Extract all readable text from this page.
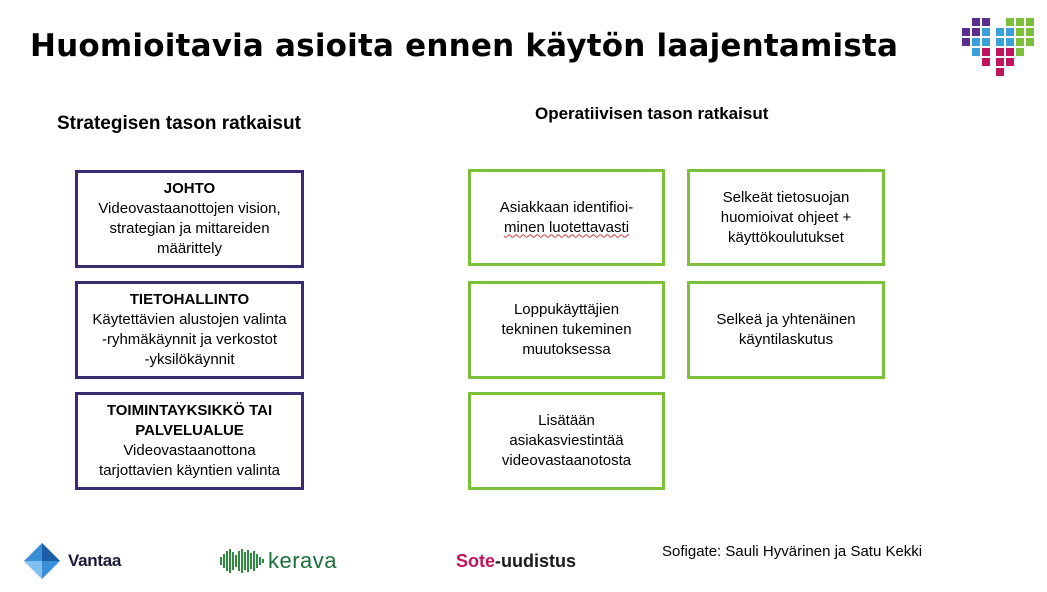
Huomioitavia asioita ennen käytön laajentamista
Strategisen tason ratkaisut	Operatiivisen tason ratkaisut
JOHTO
Videovastaanottojen vision,
strategian ja mittareiden
määrittely
TIETOHALLINTO
Käytettävien alustojen valinta
-ryhmäkäynnit ja verkostot
-yksilökäynnit
TOIMINTAYKSIKKÖ TAI
PALVELUALUE
Videovastaanottona
tarjottavien käyntien valinta
Asiakkaan identifioi-
minen luotettavasti
Selkeät tietosuojan
huomioivat ohjeet +
käyttökoulutukset
Loppukäyttäjien
tekninen tukeminen
muutoksessa
Selkeä ja yhtenäinen
käyntilaskutus
Lisätään
asiakasviestintää
videovastaanotosta
Vantaa	kerava	Sote -uudistus	Sofigate: Sauli Hyvärinen ja Satu Kekki
